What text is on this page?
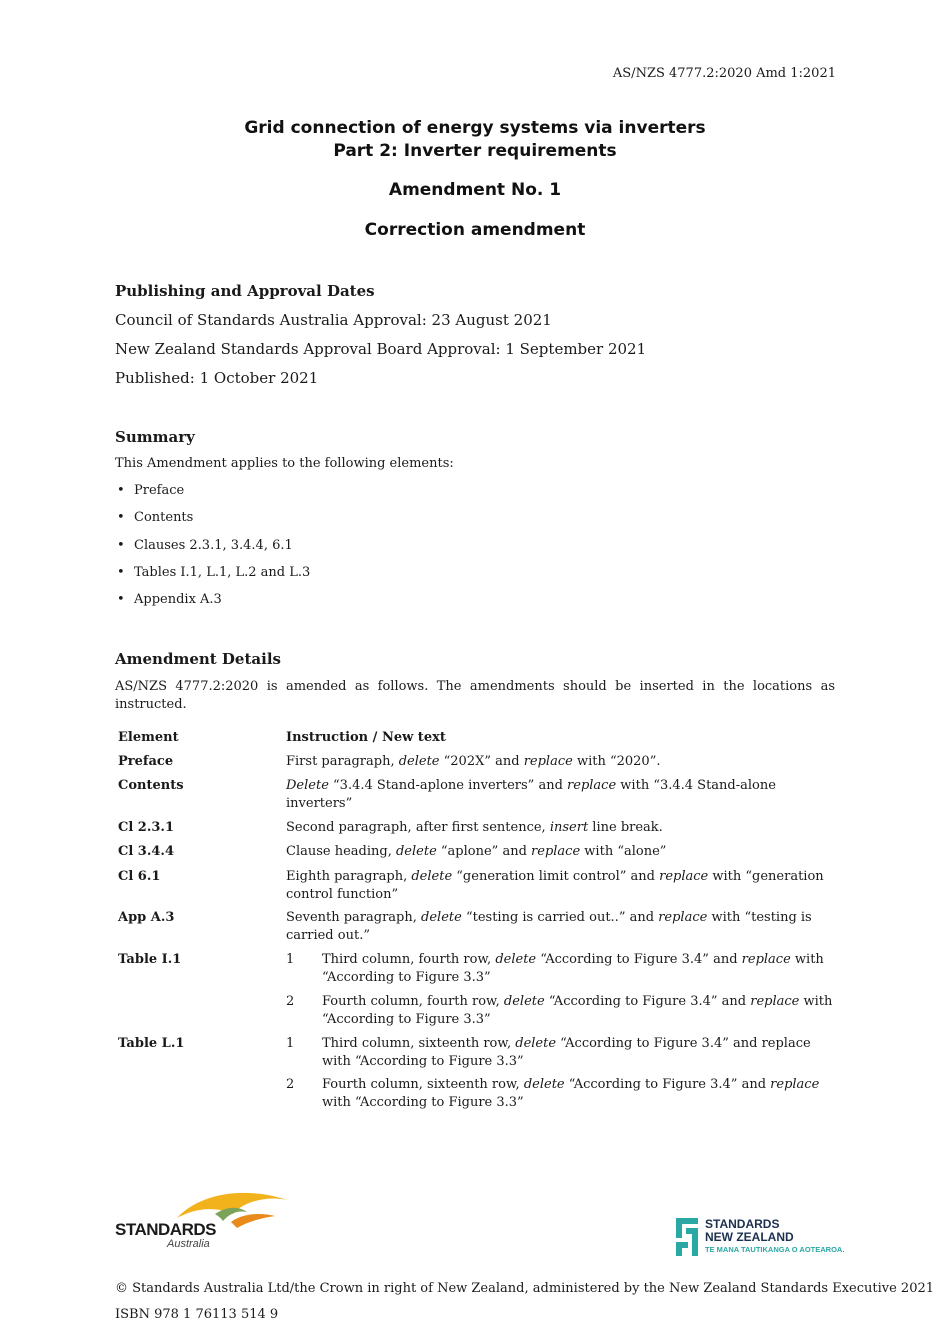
AS/NZS 4777.2:2020 Amd 1:2021
Grid connection of energy systems via inverters
Part 2: Inverter requirements
Amendment No. 1
Correction amendment
Publishing and Approval Dates
Council of Standards Australia Approval: 23 August 2021
New Zealand Standards Approval Board Approval: 1 September 2021
Published: 1 October 2021
Summary
This Amendment applies to the following elements:
• Preface
• Contents
• Clauses 2.3.1, 3.4.4, 6.1
• Tables I.1, L.1, L.2 and L.3
• Appendix A.3
Amendment Details
AS/NZS 4777.2:2020 is amended as follows. The amendments should be inserted in the locations as instructed.
Element	Instruction / New text
Preface	First paragraph, delete “202X” and replace with “2020”.
Contents	Delete “3.4.4 Stand-aplone inverters” and replace with “3.4.4 Stand-alone inverters”
Cl 2.3.1	Second paragraph, after first sentence, insert line break.
Cl 3.4.4	Clause heading, delete “aplone” and replace with “alone”
Cl 6.1	Eighth paragraph, delete “generation limit control” and replace with “generation control function”
App A.3	Seventh paragraph, delete “testing is carried out..” and replace with “testing is carried out.”
Table I.1	1 Third column, fourth row, delete “According to Figure 3.4” and replace with “According to Figure 3.3”
2 Fourth column, fourth row, delete “According to Figure 3.4” and replace with “According to Figure 3.3”
Table L.1	1 Third column, sixteenth row, delete “According to Figure 3.4” and replace with “According to Figure 3.3”
2 Fourth column, sixteenth row, delete “According to Figure 3.4” and replace with “According to Figure 3.3”
STANDARDS
Australia
STANDARDS
NEW ZEALAND
TE MANA TAUTIKANGA O AOTEAROA.
© Standards Australia Ltd/the Crown in right of New Zealand, administered by the New Zealand Standards Executive 2021
ISBN 978 1 76113 514 9
